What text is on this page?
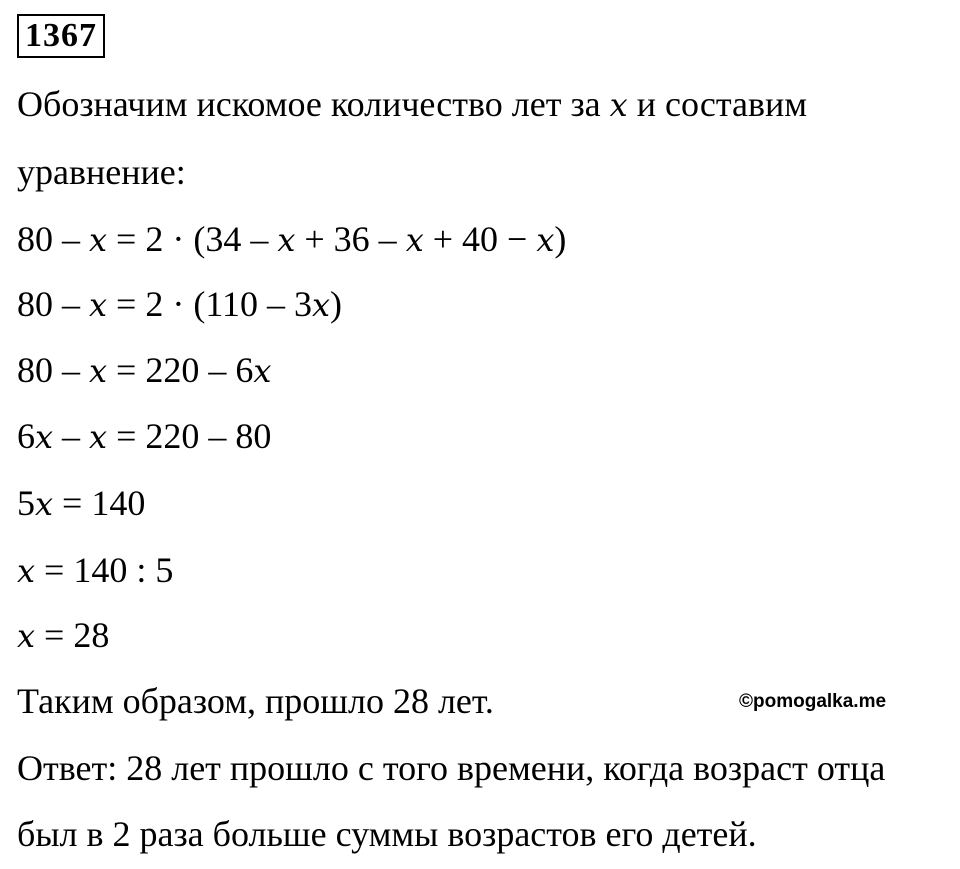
1367
Обозначим искомое количество лет за x и составим
уравнение:
80 – x = 2 · (34 – x + 36 – x + 40 − x)
80 – x = 2 · (110 – 3x)
80 – x = 220 – 6x
6x – x = 220 – 80
5x = 140
x = 140 : 5
x = 28
Таким образом, прошло 28 лет.	©pomogalka.me
Ответ: 28 лет прошло с того времени, когда возраст отца
был в 2 раза больше суммы возрастов его детей.
